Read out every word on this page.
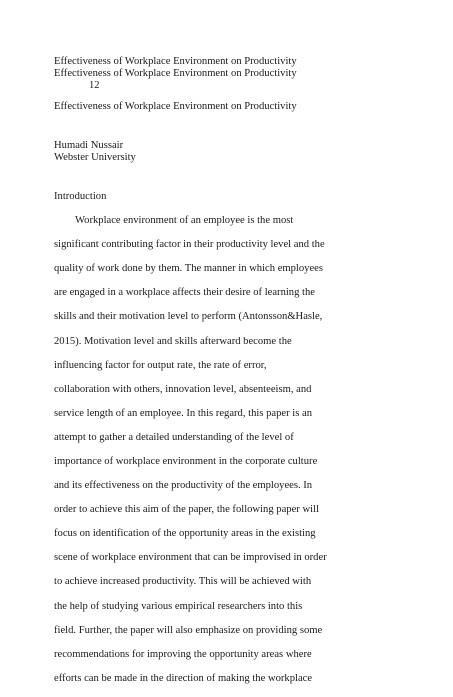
Effectiveness of Workplace Environment on Productivity

Effectiveness of Workplace Environment on Productivity

12

Effectiveness of Workplace Environment on Productivity

Humadi Nussair

Webster University

Introduction

Workplace environment of an employee is the most

significant contributing factor in their productivity level and the

quality of work done by them. The manner in which employees

are engaged in a workplace affects their desire of learning the

skills and their motivation level to perform (Antonsson&Hasle,

2015). Motivation level and skills afterward become the

influencing factor for output rate, the rate of error,

collaboration with others, innovation level, absenteeism, and

service length of an employee. In this regard, this paper is an

attempt to gather a detailed understanding of the level of

importance of workplace environment in the corporate culture

and its effectiveness on the productivity of the employees. In

order to achieve this aim of the paper, the following paper will

focus on identification of the opportunity areas in the existing

scene of workplace environment that can be improvised in order

to achieve increased productivity. This will be achieved with

the help of studying various empirical researchers into this

field. Further, the paper will also emphasize on providing some

recommendations for improving the opportunity areas where

efforts can be made in the direction of making the workplace
